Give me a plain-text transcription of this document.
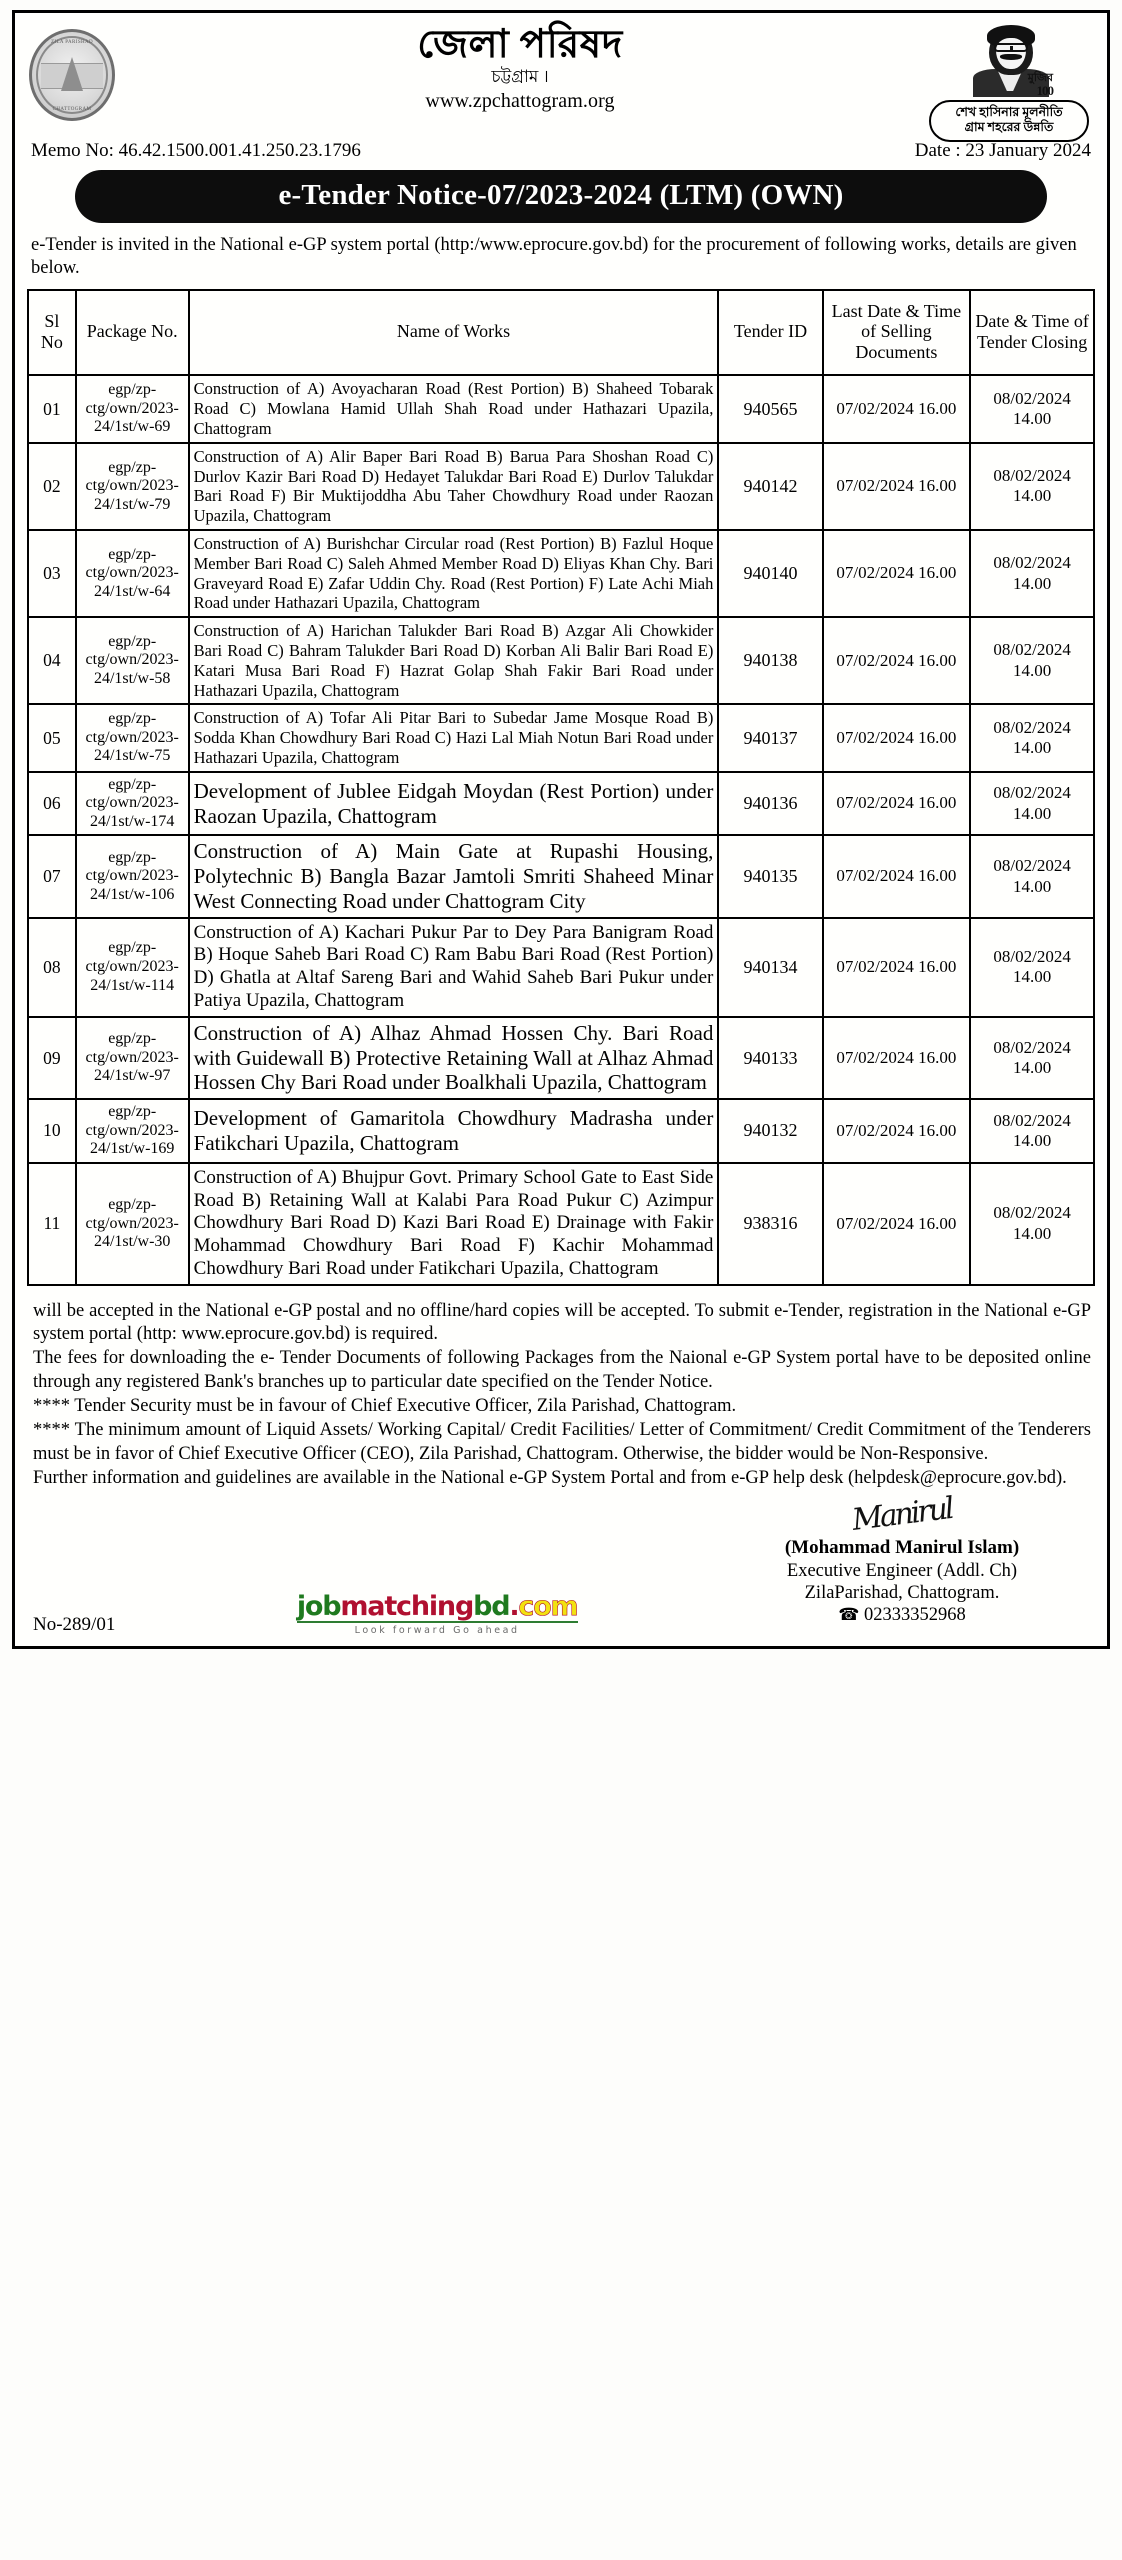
ZILA PARISHAD
CHATTOGRAM
জেলা পরিষদ
চট্টগ্রাম ।
www.zpchattogram.org
মুজিব
100
শেখ হাসিনার মূলনীতি
গ্রাম শহরের উন্নতি
Memo No: 46.42.1500.001.41.250.23.1796	Date : 23 January 2024
e-Tender Notice-07/2023-2024 (LTM) (OWN)
e-Tender is invited in the National e-GP system portal (http:/www.eprocure.gov.bd) for the procurement of following works, details are given below.
Sl No	Package No.	Name of Works	Tender ID	Last Date & Time of Selling Documents	Date & Time of Tender Closing
01	egp/zp-ctg/own/2023-24/1st/w-69	Construction of A) Avoyacharan Road (Rest Portion) B) Shaheed Tobarak Road C) Mowlana Hamid Ullah Shah Road under Hathazari Upazila, Chattogram	940565	07/02/2024 16.00	08/02/2024 14.00
02	egp/zp-ctg/own/2023-24/1st/w-79	Construction of A) Alir Baper Bari Road B) Barua Para Shoshan Road C) Durlov Kazir Bari Road D) Hedayet Talukdar Bari Road E) Durlov Talukdar Bari Road F) Bir Muktijoddha Abu Taher Chowdhury Road under Raozan Upazila, Chattogram	940142	07/02/2024 16.00	08/02/2024 14.00
03	egp/zp-ctg/own/2023-24/1st/w-64	Construction of A) Burishchar Circular road (Rest Portion) B) Fazlul Hoque Member Bari Road C) Saleh Ahmed Member Road D) Eliyas Khan Chy. Bari Graveyard Road E) Zafar Uddin Chy. Road (Rest Portion) F) Late Achi Miah Road under Hathazari Upazila, Chattogram	940140	07/02/2024 16.00	08/02/2024 14.00
04	egp/zp-ctg/own/2023-24/1st/w-58	Construction of A) Harichan Talukder Bari Road B) Azgar Ali Chowkider Bari Road C) Bahram Talukder Bari Road D) Korban Ali Balir Bari Road E) Katari Musa Bari Road F) Hazrat Golap Shah Fakir Bari Road under Hathazari Upazila, Chattogram	940138	07/02/2024 16.00	08/02/2024 14.00
05	egp/zp-ctg/own/2023-24/1st/w-75	Construction of A) Tofar Ali Pitar Bari to Subedar Jame Mosque Road B) Sodda Khan Chowdhury Bari Road C) Hazi Lal Miah Notun Bari Road under Hathazari Upazila, Chattogram	940137	07/02/2024 16.00	08/02/2024 14.00
06	egp/zp-ctg/own/2023-24/1st/w-174	Development of Jublee Eidgah Moydan (Rest Portion) under Raozan Upazila, Chattogram	940136	07/02/2024 16.00	08/02/2024 14.00
07	egp/zp-ctg/own/2023-24/1st/w-106	Construction of A) Main Gate at Rupashi Housing, Polytechnic B) Bangla Bazar Jamtoli Smriti Shaheed Minar West Connecting Road under Chattogram City	940135	07/02/2024 16.00	08/02/2024 14.00
08	egp/zp-ctg/own/2023-24/1st/w-114	Construction of A) Kachari Pukur Par to Dey Para Banigram Road B) Hoque Saheb Bari Road C) Ram Babu Bari Road (Rest Portion) D) Ghatla at Altaf Sareng Bari and Wahid Saheb Bari Pukur under Patiya Upazila, Chattogram	940134	07/02/2024 16.00	08/02/2024 14.00
09	egp/zp-ctg/own/2023-24/1st/w-97	Construction of A) Alhaz Ahmad Hossen Chy. Bari Road with Guidewall B) Protective Retaining Wall at Alhaz Ahmad Hossen Chy Bari Road under Boalkhali Upazila, Chattogram	940133	07/02/2024 16.00	08/02/2024 14.00
10	egp/zp-ctg/own/2023-24/1st/w-169	Development of Gamaritola Chowdhury Madrasha under Fatikchari Upazila, Chattogram	940132	07/02/2024 16.00	08/02/2024 14.00
11	egp/zp-ctg/own/2023-24/1st/w-30	Construction of A) Bhujpur Govt. Primary School Gate to East Side Road B) Retaining Wall at Kalabi Para Road Pukur C) Azimpur Chowdhury Bari Road D) Kazi Bari Road E) Drainage with Fakir Mohammad Chowdhury Bari Road F) Kachir Mohammad Chowdhury Bari Road under Fatikchari Upazila, Chattogram	938316	07/02/2024 16.00	08/02/2024 14.00

will be accepted in the National e-GP postal and no offline/hard copies will be accepted. To submit e-Tender, registration in the National e-GP system portal (http: www.eprocure.gov.bd) is required.

The fees for downloading the e- Tender Documents of following Packages from the Naional e-GP System portal have to be deposited online through any registered Bank's branches up to particular date specified on the Tender Notice.

**** Tender Security must be in favour of Chief Executive Officer, Zila Parishad, Chattogram.

**** The minimum amount of Liquid Assets/ Working Capital/ Credit Facilities/ Letter of Commitment/ Credit Commitment of the Tenderers must be in favor of Chief Executive Officer (CEO), Zila Parishad, Chattogram. Otherwise, the bidder would be Non-Responsive.

Further information and guidelines are available in the National e-GP System Portal and from e-GP help desk (helpdesk@eprocure.gov.bd).

Manirul
(Mohammad Manirul Islam)
Executive Engineer (Addl. Ch)
ZilaParishad, Chattogram.
☎ 02333352968
No-289/01
jobmatchingbd.com
Look forward Go ahead
